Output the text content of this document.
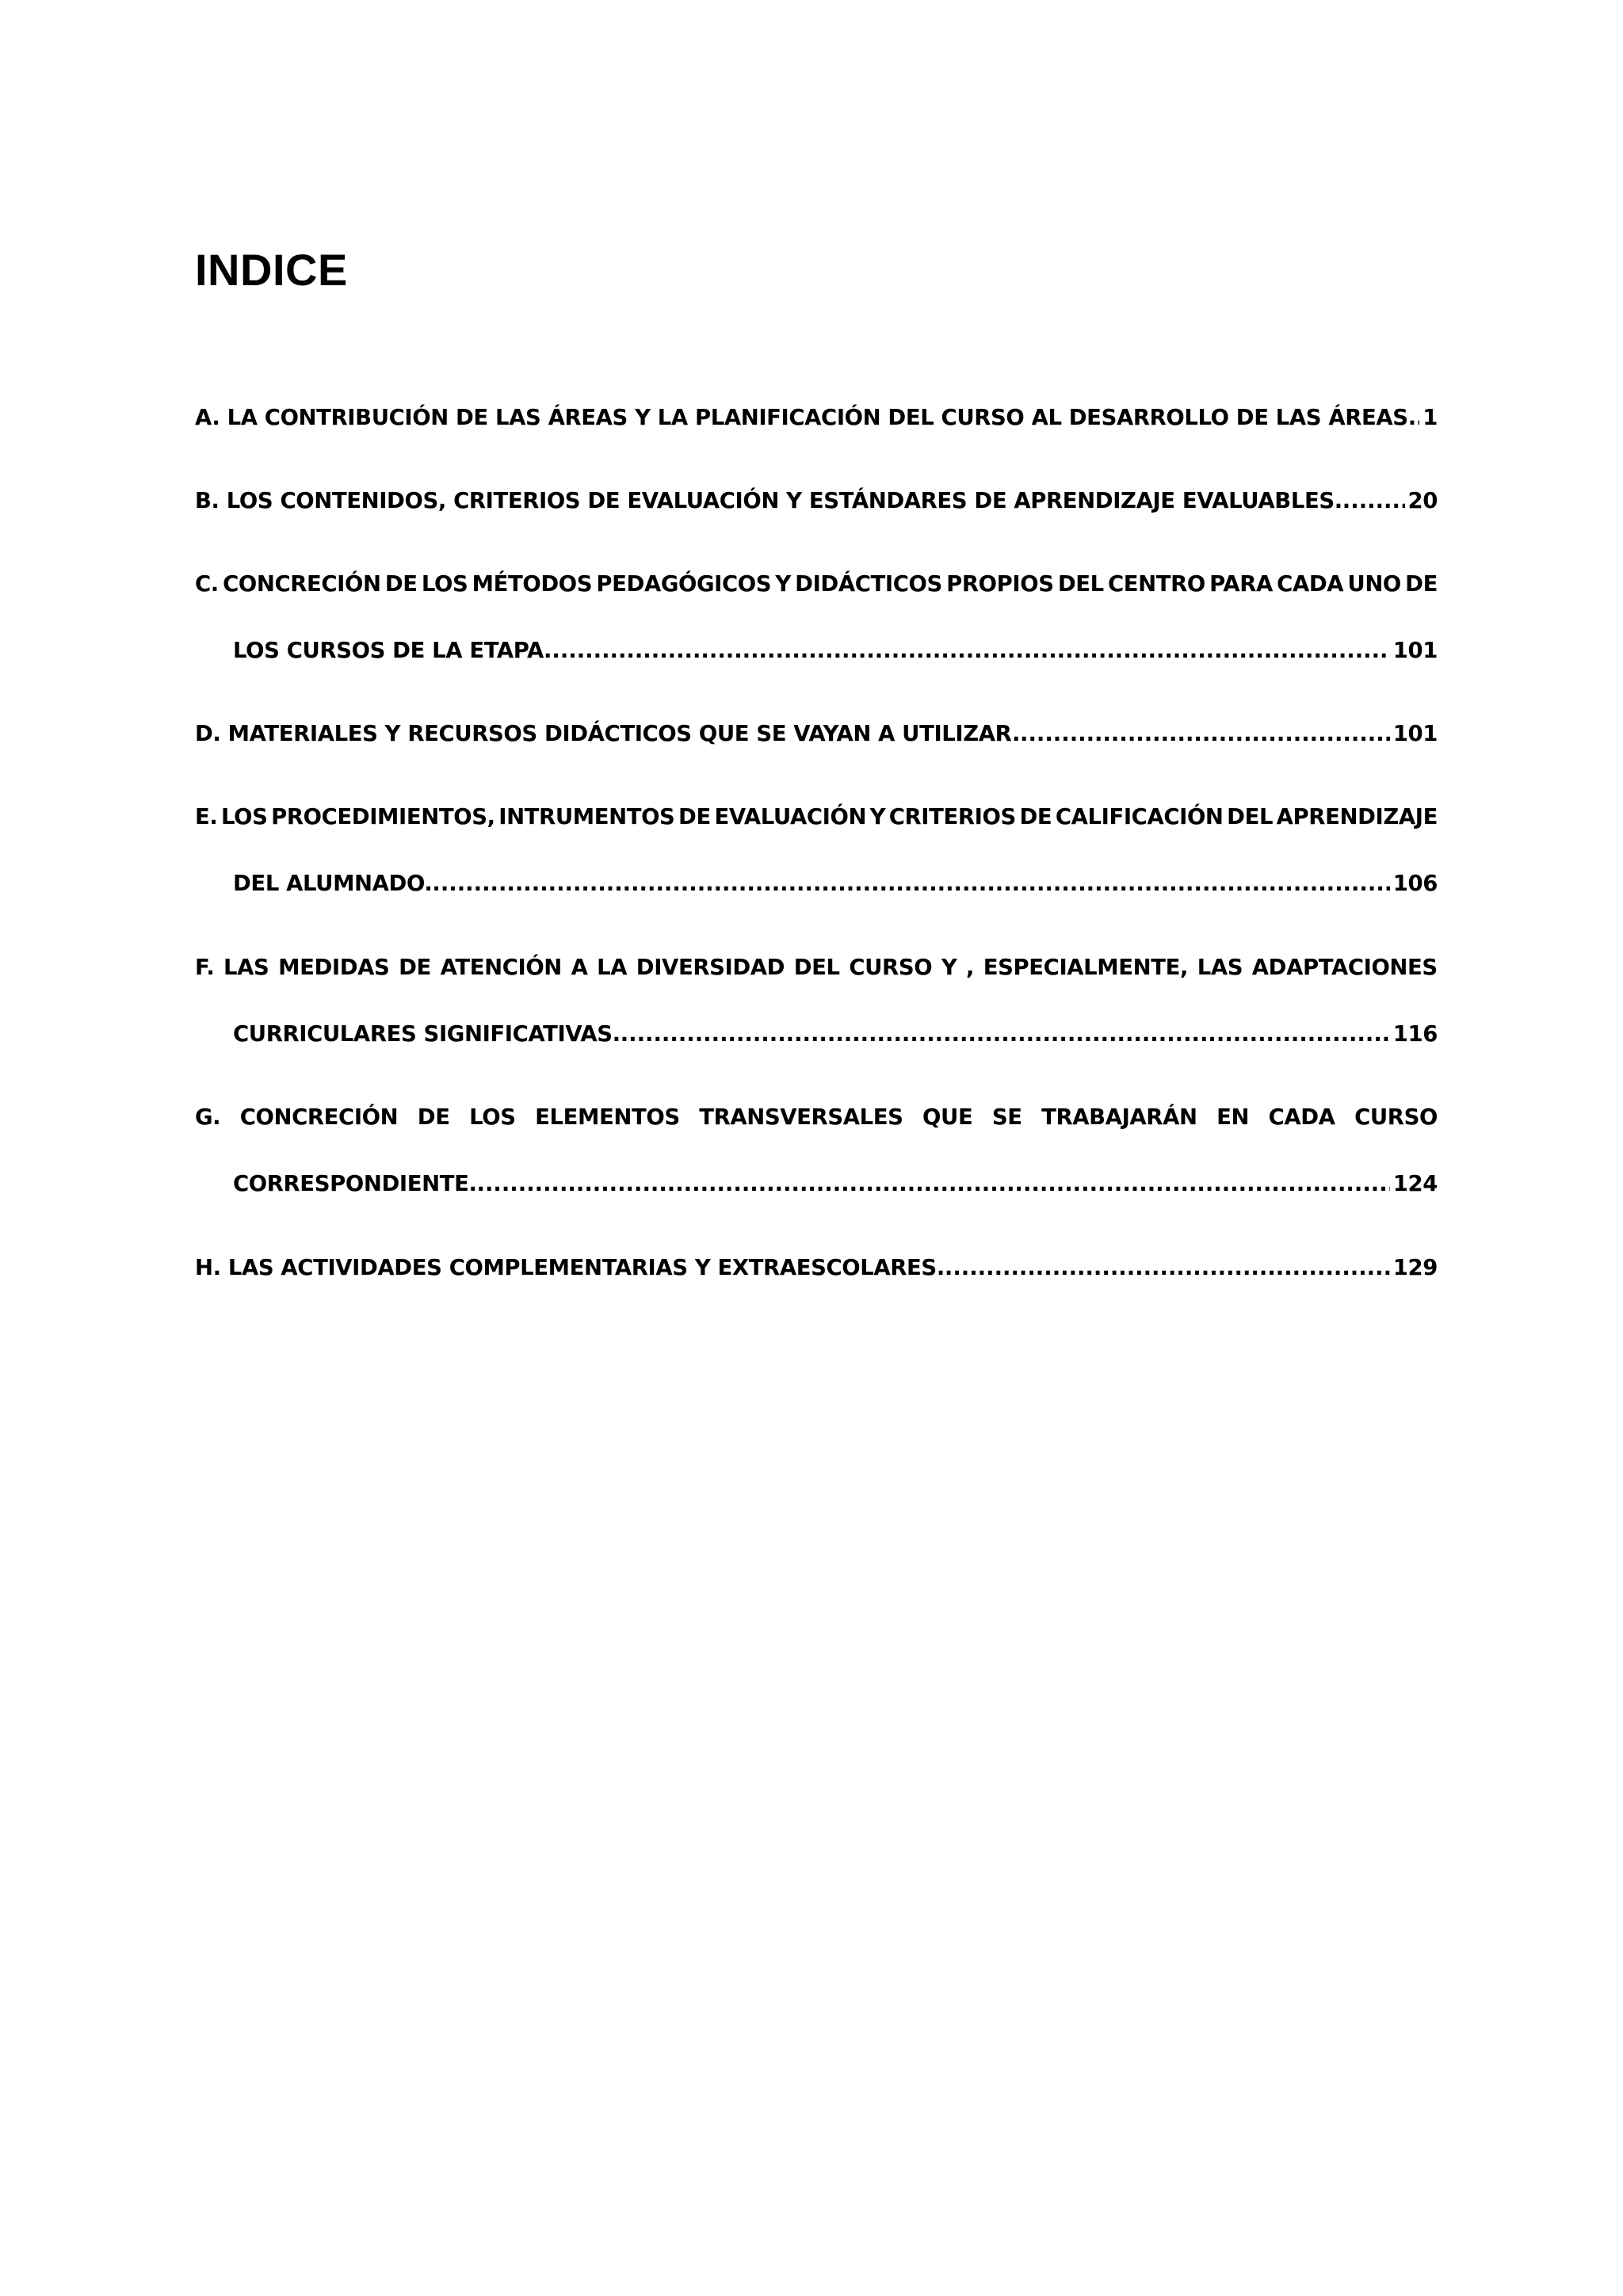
INDICE
A. LA CONTRIBUCIÓN DE LAS ÁREAS Y LA PLANIFICACIÓN DEL CURSO AL DESARROLLO DE LAS ÁREAS. ..... 1
B. LOS CONTENIDOS, CRITERIOS DE EVALUACIÓN Y ESTÁNDARES DE APRENDIZAJE EVALUABLES. .....	20
C. CONCRECIÓN DE LOS MÉTODOS PEDAGÓGICOS Y DIDÁCTICOS PROPIOS DEL CENTRO PARA CADA UNO DE
LOS CURSOS DE LA ETAPA .....	101
D. MATERIALES Y RECURSOS DIDÁCTICOS QUE SE VAYAN A UTILIZAR. .....	101
E. LOS PROCEDIMIENTOS, INTRUMENTOS DE EVALUACIÓN Y CRITERIOS DE CALIFICACIÓN DEL APRENDIZAJE
DEL ALUMNADO. .....	106
F. LAS MEDIDAS DE ATENCIÓN A LA DIVERSIDAD DEL CURSO Y , ESPECIALMENTE, LAS ADAPTACIONES
CURRICULARES SIGNIFICATIVAS. .....	116
G. CONCRECIÓN DE LOS ELEMENTOS TRANSVERSALES QUE SE TRABAJARÁN EN CADA CURSO
CORRESPONDIENTE. .....	124
H. LAS ACTIVIDADES COMPLEMENTARIAS Y EXTRAESCOLARES. .....	129
